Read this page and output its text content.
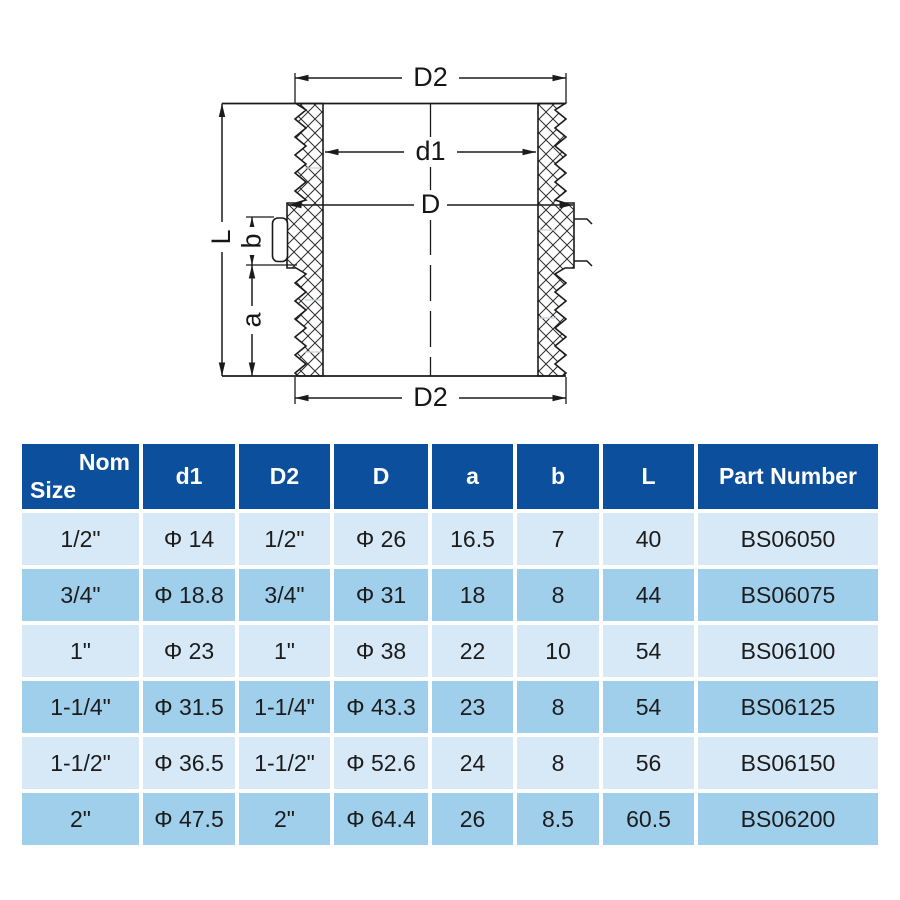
D2
d1
D
L b
a
D2
Nom
Size	d1	D2	D	a	b	L	Part Number
1/2"	Φ 14	1/2"	Φ 26	16.5	7	40	BS06050
3/4"	Φ 18.8	3/4"	Φ 31	18	8	44	BS06075
1"	Φ 23	1"	Φ 38	22	10	54	BS06100
1-1/4"	Φ 31.5	1-1/4"	Φ 43.3	23	8	54	BS06125
1-1/2"	Φ 36.5	1-1/2"	Φ 52.6	24	8	56	BS06150
2"	Φ 47.5	2"	Φ 64.4	26	8.5	60.5	BS06200
